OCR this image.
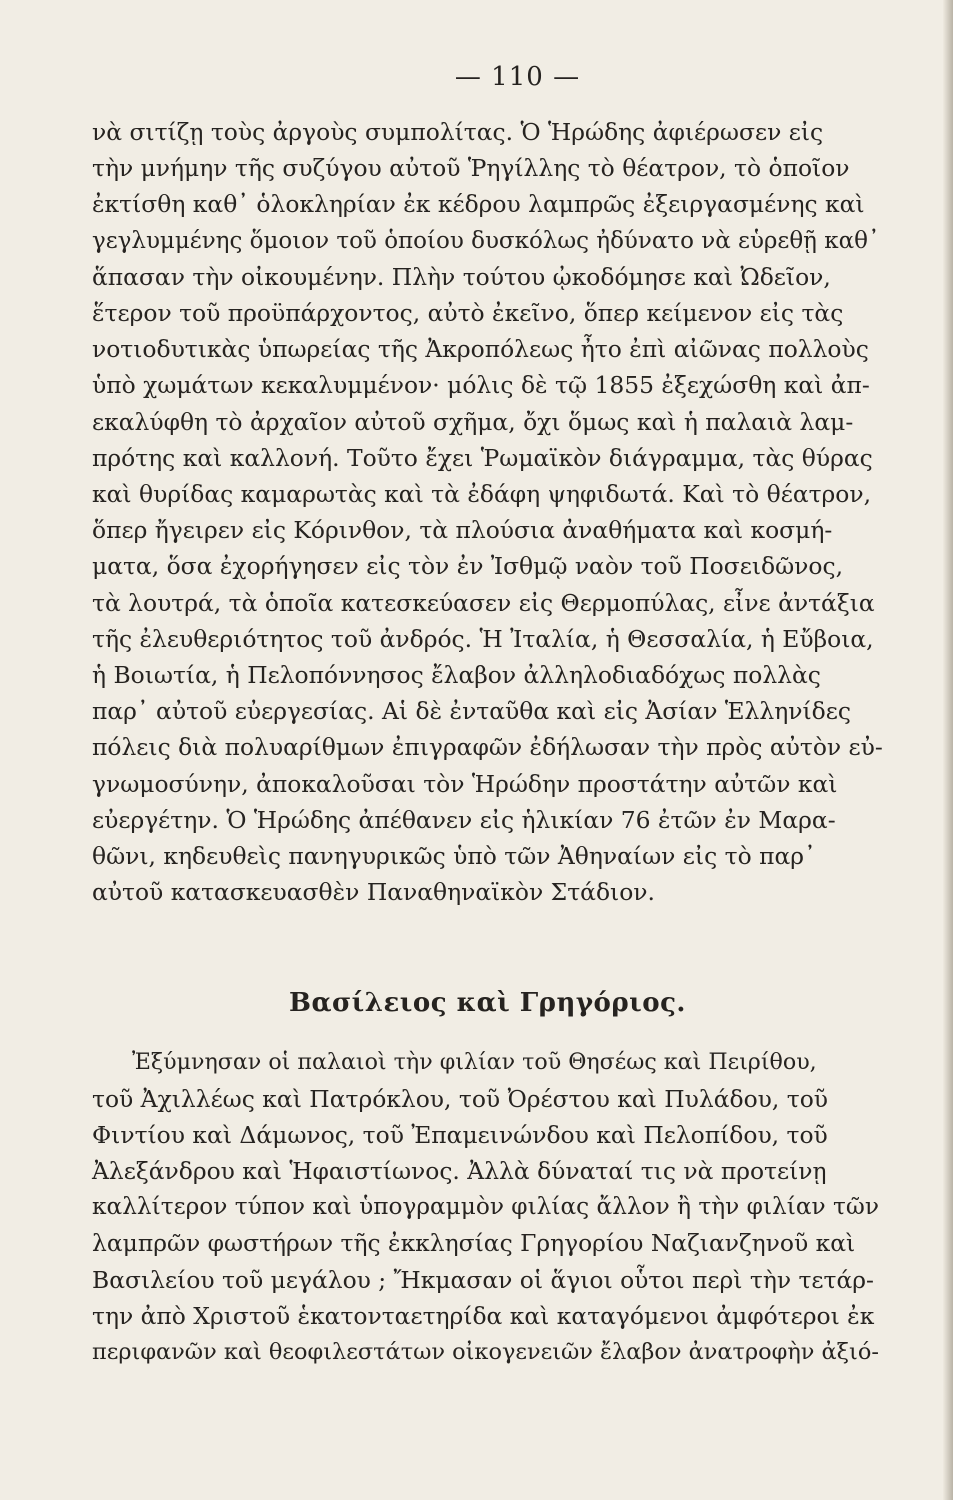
— 110 —

νὰ σιτίζῃ τοὺς ἀργοὺς συμπολίτας. Ὁ Ἡρώδης ἀφιέρωσεν εἰς
τὴν μνήμην τῆς συζύγου αὐτοῦ Ῥηγίλλης τὸ θέατρον, τὸ ὁποῖον
ἐκτίσθη καθ᾿ ὁλοκληρίαν ἐκ κέδρου λαμπρῶς ἐξειργασμένης καὶ
γεγλυμμένης ὅμοιον τοῦ ὁποίου δυσκόλως ἠδύνατο νὰ εὑρεθῇ καθ᾿
ἅπασαν τὴν οἰκουμένην. Πλὴν τούτου ᾠκοδόμησε καὶ Ὠδεῖον,
ἕτερον τοῦ προϋπάρχοντος, αὐτὸ ἐκεῖνο, ὅπερ κείμενον εἰς τὰς
νοτιοδυτικὰς ὑπωρείας τῆς Ἀκροπόλεως ἦτο ἐπὶ αἰῶνας πολλοὺς
ὑπὸ χωμάτων κεκαλυμμένον· μόλις δὲ τῷ 1855 ἐξεχώσθη καὶ ἀπ-
εκαλύφθη τὸ ἀρχαῖον αὐτοῦ σχῆμα, ὄχι ὅμως καὶ ἡ παλαιὰ λαμ-
πρότης καὶ καλλονή. Τοῦτο ἔχει Ῥωμαϊκὸν διάγραμμα, τὰς θύρας
καὶ θυρίδας καμαρωτὰς καὶ τὰ ἐδάφη ψηφιδωτά. Καὶ τὸ θέατρον,
ὅπερ ἤγειρεν εἰς Κόρινθον, τὰ πλούσια ἀναθήματα καὶ κοσμή-
ματα, ὅσα ἐχορήγησεν εἰς τὸν ἐν Ἰσθμῷ ναὸν τοῦ Ποσειδῶνος,
τὰ λουτρά, τὰ ὁποῖα κατεσκεύασεν εἰς Θερμοπύλας, εἶνε ἀντάξια
τῆς ἐλευθεριότητος τοῦ ἀνδρός. Ἡ Ἰταλία, ἡ Θεσσαλία, ἡ Εὔβοια,
ἡ Βοιωτία, ἡ Πελοπόννησος ἔλαβον ἀλληλοδιαδόχως πολλὰς
παρ᾿ αὐτοῦ εὐεργεσίας. Αἱ δὲ ἐνταῦθα καὶ εἰς Ἀσίαν Ἑλληνίδες
πόλεις διὰ πολυαρίθμων ἐπιγραφῶν ἐδήλωσαν τὴν πρὸς αὐτὸν εὐ-
γνωμοσύνην, ἀποκαλοῦσαι τὸν Ἡρώδην προστάτην αὐτῶν καὶ
εὐεργέτην. Ὁ Ἡρώδης ἀπέθανεν εἰς ἡλικίαν 76 ἐτῶν ἐν Μαρα-
θῶνι, κηδευθεὶς πανηγυρικῶς ὑπὸ τῶν Ἀθηναίων εἰς τὸ παρ᾿
αὐτοῦ κατασκευασθὲν Παναθηναϊκὸν Στάδιον.

Βασίλειος καὶ Γρηγόριος.

Ἐξύμνησαν οἱ παλαιοὶ τὴν φιλίαν τοῦ Θησέως καὶ Πειρίθου,
τοῦ Ἀχιλλέως καὶ Πατρόκλου, τοῦ Ὀρέστου καὶ Πυλάδου, τοῦ
Φιντίου καὶ Δάμωνος, τοῦ Ἐπαμεινώνδου καὶ Πελοπίδου, τοῦ
Ἀλεξάνδρου καὶ Ἡφαιστίωνος. Ἀλλὰ δύναταί τις νὰ προτείνῃ
καλλίτερον τύπον καὶ ὑπογραμμὸν φιλίας ἄλλον ἢ τὴν φιλίαν τῶν
λαμπρῶν φωστήρων τῆς ἐκκλησίας Γρηγορίου Ναζιανζηνοῦ καὶ
Βασιλείου τοῦ μεγάλου ; Ἤκμασαν οἱ ἅγιοι οὗτοι περὶ τὴν τετάρ-
την ἀπὸ Χριστοῦ ἑκατονταετηρίδα καὶ καταγόμενοι ἀμφότεροι ἐκ
περιφανῶν καὶ θεοφιλεστάτων οἰκογενειῶν ἔλαβον ἀνατροφὴν ἀξιό-
